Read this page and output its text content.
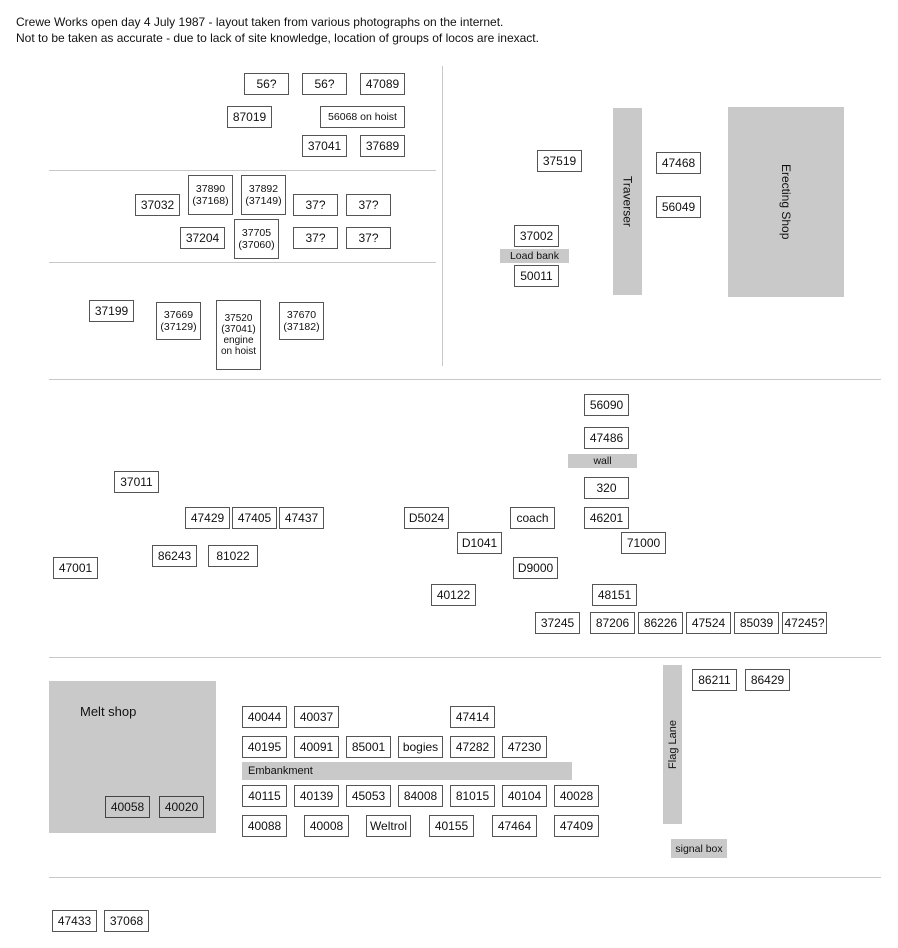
Crewe Works open day 4 July 1987 - layout taken from various photographs on the internet.
Not to be taken as accurate - due to lack of site knowledge, location of groups of locos are inexact.
Erecting Shop
Traverser
Load bank
wall
Melt shop
Embankment
Flag Lane
signal box
56?	56?	47089
87019	56068 on hoist
37041	37689
37032
37890
(37168)
37892
(37149)	37?	37?
37204	37705
(37060)
37?	37?
37199	37669
(37129)
37520
(37041)
engine
on hoist
37670
(37182)
37519	47468
56049
37002
50011
56090
47486
320
46201
71000
coach
D5024
D1041
D9000
40122	48151
37245	87206	86226	47524	85039 47245?
37011
47429	47405	47437
86243	81022
47001
40058	40020
40044	40037	47414
40195	40091	85001	bogies	47282	47230
40115	40139	45053	84008	81015	40104	40028
40088	40008	Weltrol	40155	47464	47409
86211	86429
47433	37068
